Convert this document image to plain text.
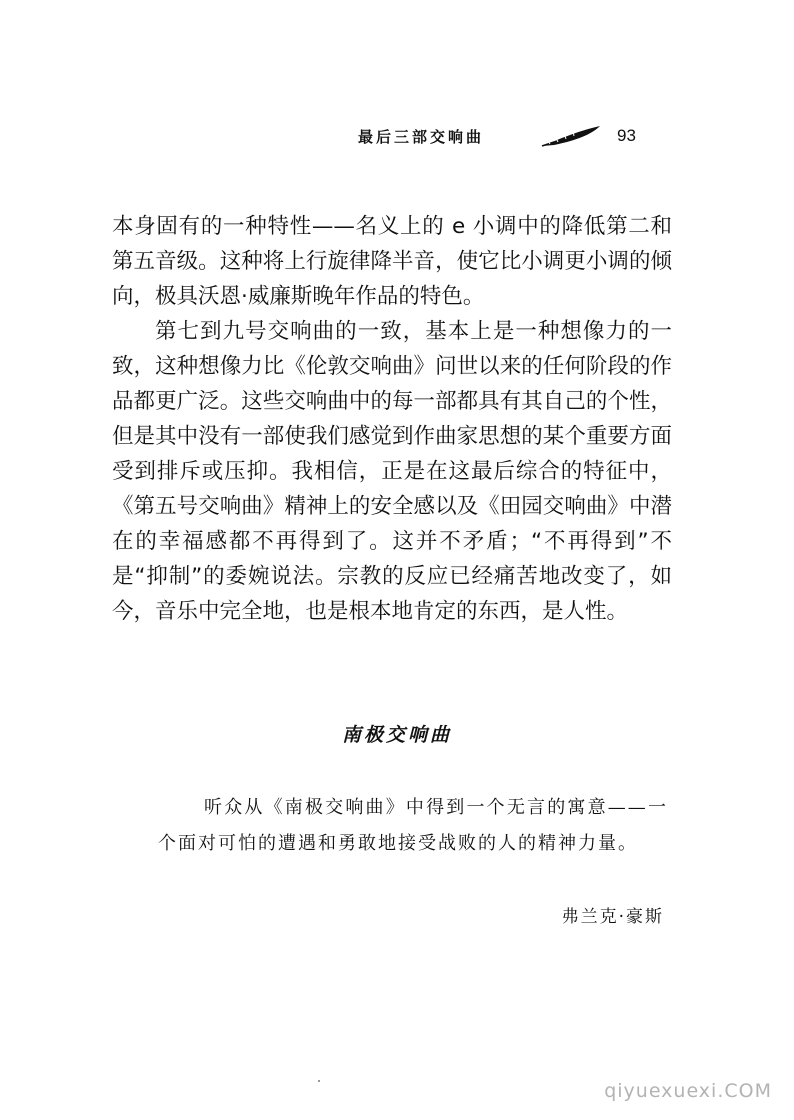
最后三部交响曲	93

本身固有的一种特性——名义上的 e 小调中的降低第二和第五音级。这种将上行旋律降半音，使它比小调更小调的倾向，极具沃恩·威廉斯晚年作品的特色。

第七到九号交响曲的一致，基本上是一种想像力的一致，这种想像力比《伦敦交响曲》问世以来的任何阶段的作品都更广泛。这些交响曲中的每一部都具有其自己的个性，但是其中没有一部使我们感觉到作曲家思想的某个重要方面受到排斥或压抑。我相信，正是在这最后综合的特征中，《第五号交响曲》精神上的安全感以及《田园交响曲》中潜在的幸福感都不再得到了。这并不矛盾；“不再得到”不是“抑制”的委婉说法。宗教的反应已经痛苦地改变了，如今，音乐中完全地，也是根本地肯定的东西，是人性。

南极交响曲

听众从《南极交响曲》中得到一个无言的寓意——一个面对可怕的遭遇和勇敢地接受战败的人的精神力量。

弗兰克·豪斯
qiyuexuexi.COM
